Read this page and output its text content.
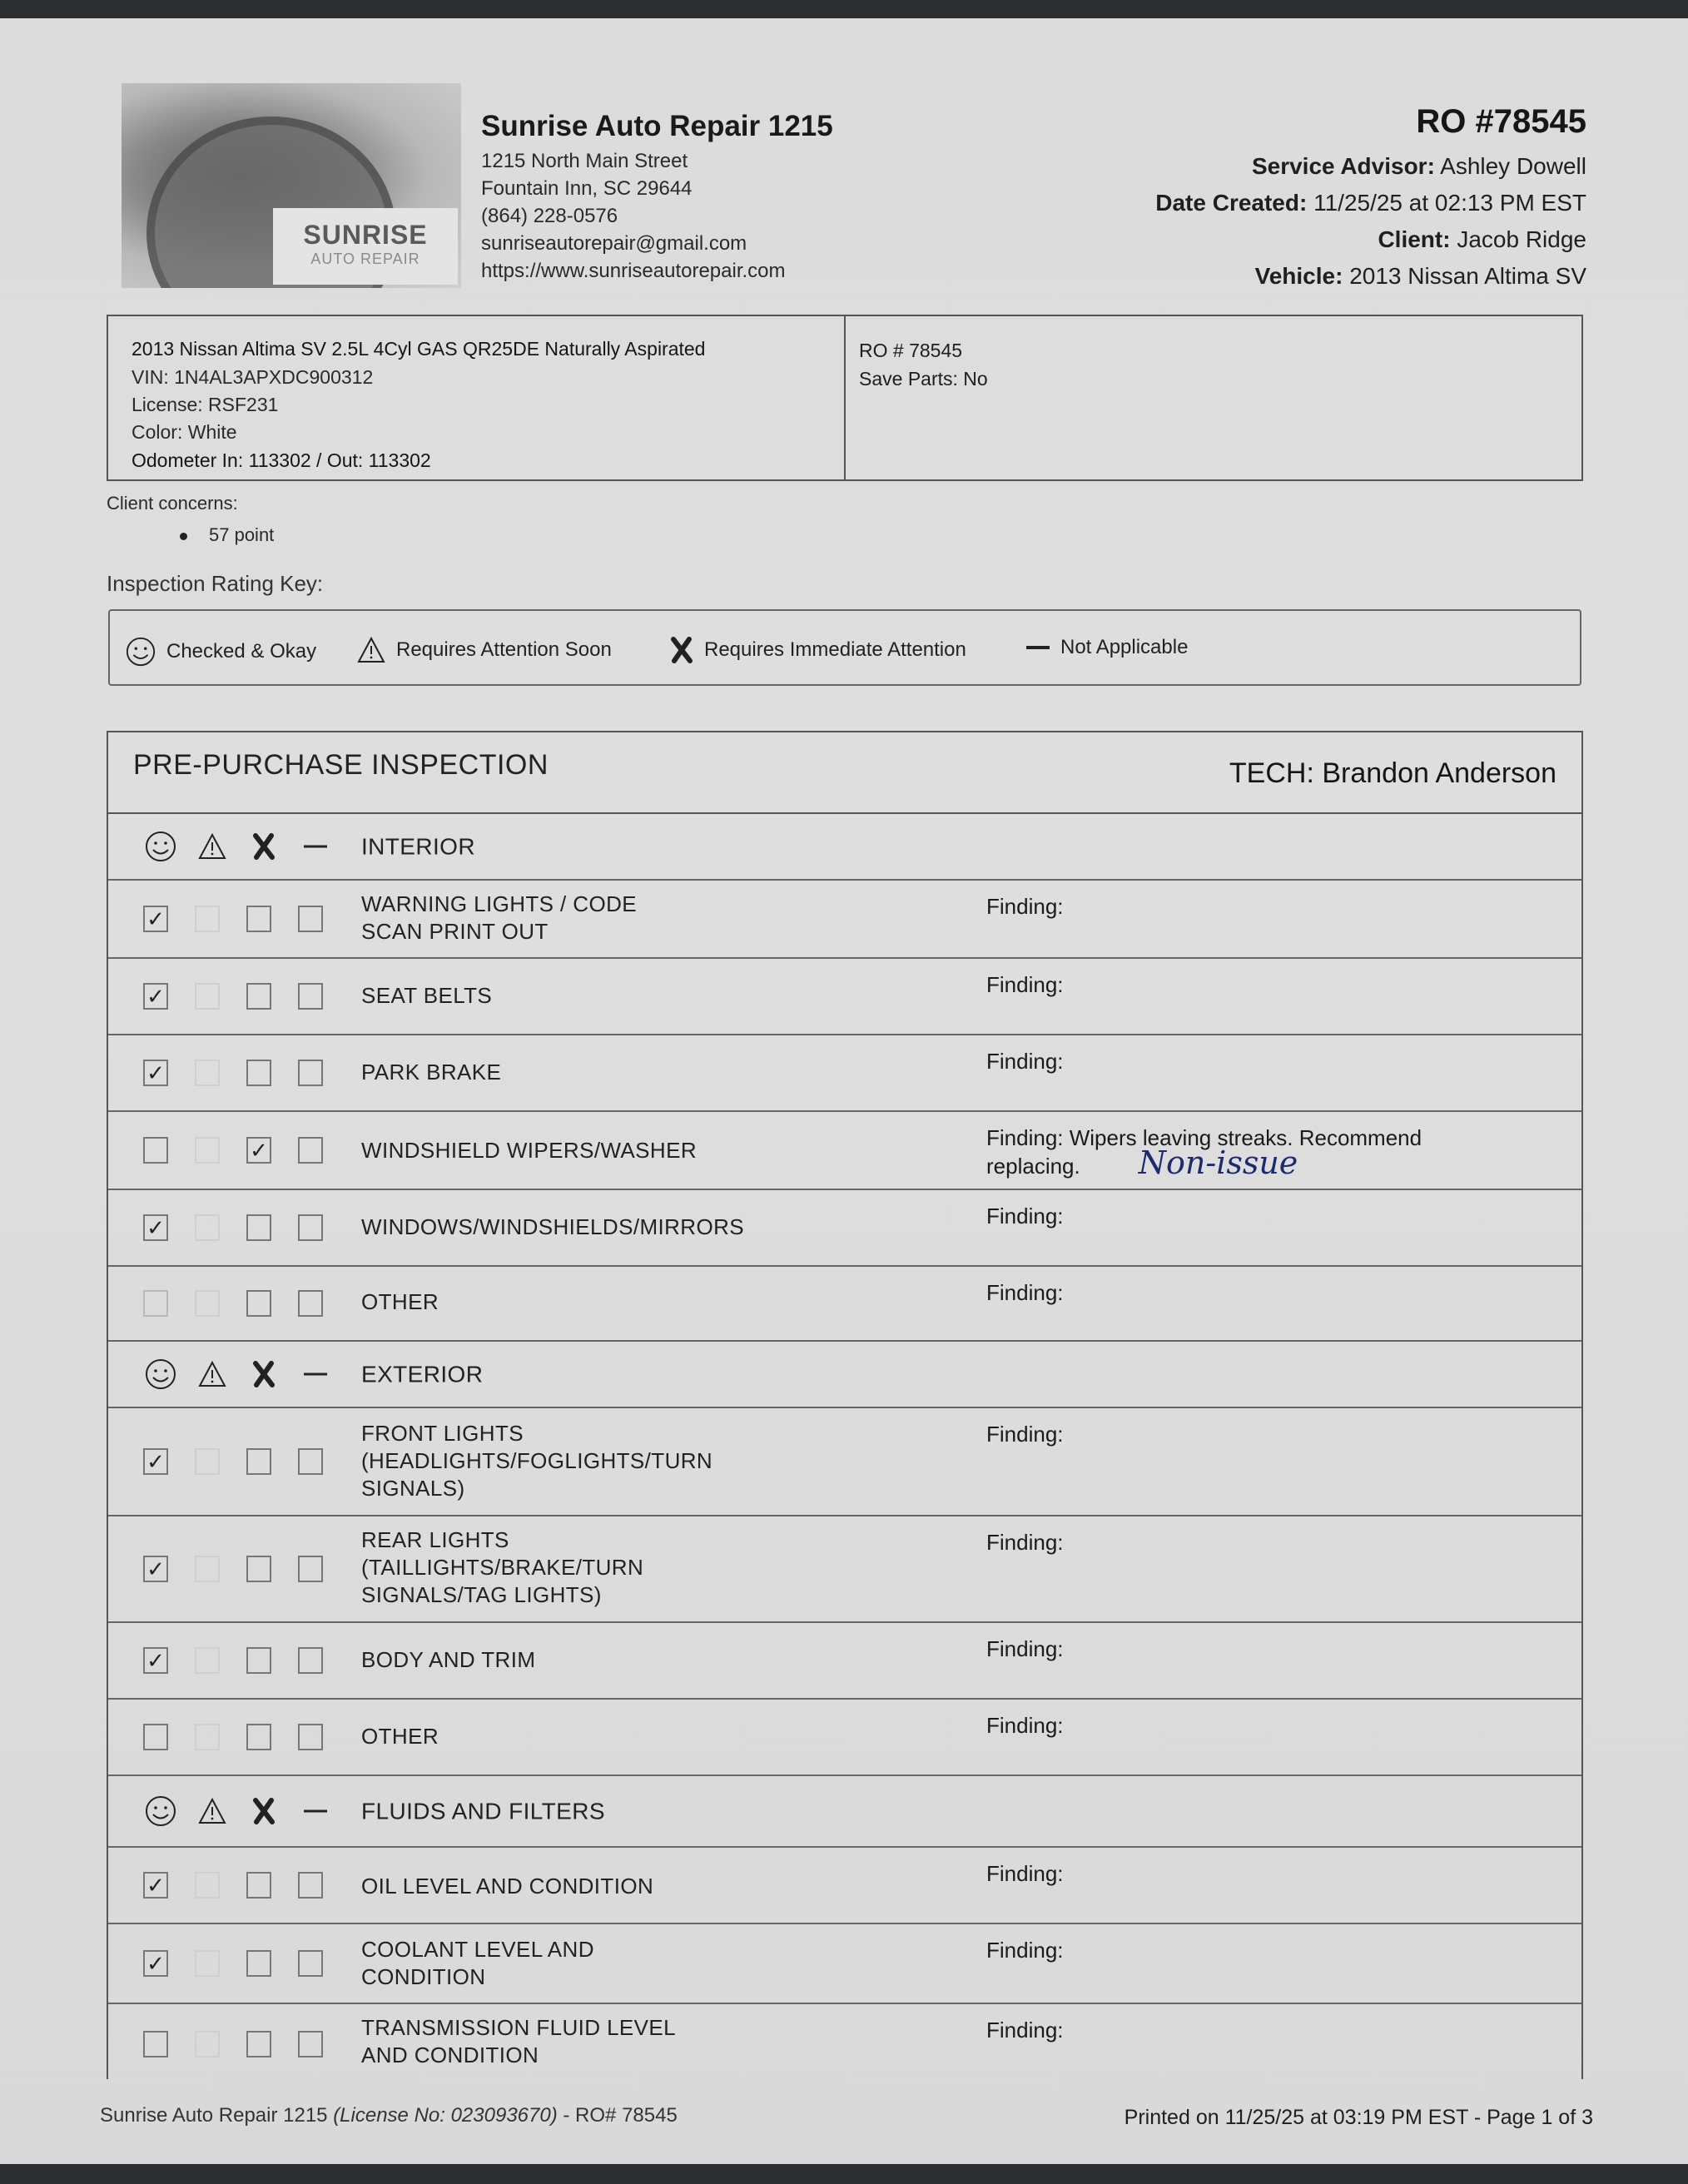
SUNRISE
AUTO REPAIR
Sunrise Auto Repair 1215
1215 North Main Street
Fountain Inn, SC 29644
(864) 228-0576
sunriseautorepair@gmail.com
https://www.sunriseautorepair.com
RO #78545
Service Advisor: Ashley Dowell
Date Created: 11/25/25 at 02:13 PM EST
Client: Jacob Ridge
Vehicle: 2013 Nissan Altima SV
2013 Nissan Altima SV 2.5L 4Cyl GAS QR25DE Naturally Aspirated
VIN: 1N4AL3APXDC900312
License: RSF231
Color: White
Odometer In: 113302 / Out: 113302
RO # 78545
Save Parts: No
Client concerns:
57 point
Inspection Rating Key:
Checked & Okay	Requires Attention Soon	Requires Immediate Attention	Not Applicable
PRE-PURCHASE INSPECTION	TECH: Brandon Anderson
INTERIOR
✓
WARNING LIGHTS / CODE
SCAN PRINT OUT
Finding:
✓	SEAT BELTS	Finding:
✓	PARK BRAKE	Finding:
✓	WINDSHIELD WIPERS/WASHER	Finding: Wipers leaving streaks. Recommend replacing. Non-issue
✓	WINDOWS/WINDSHIELDS/MIRRORS	Finding:
OTHER	Finding:
EXTERIOR
✓
FRONT LIGHTS
(HEADLIGHTS/FOGLIGHTS/TURN
SIGNALS)
Finding:
✓
REAR LIGHTS
(TAILLIGHTS/BRAKE/TURN
SIGNALS/TAG LIGHTS)
Finding:
✓	BODY AND TRIM	Finding:
OTHER	Finding:
FLUIDS AND FILTERS
✓	OIL LEVEL AND CONDITION	Finding:
✓
COOLANT LEVEL AND
CONDITION
Finding:
TRANSMISSION FLUID LEVEL
AND CONDITION
Finding:
Sunrise Auto Repair 1215 (License No: 023093670) - RO# 78545	Printed on 11/25/25 at 03:19 PM EST - Page 1 of 3
